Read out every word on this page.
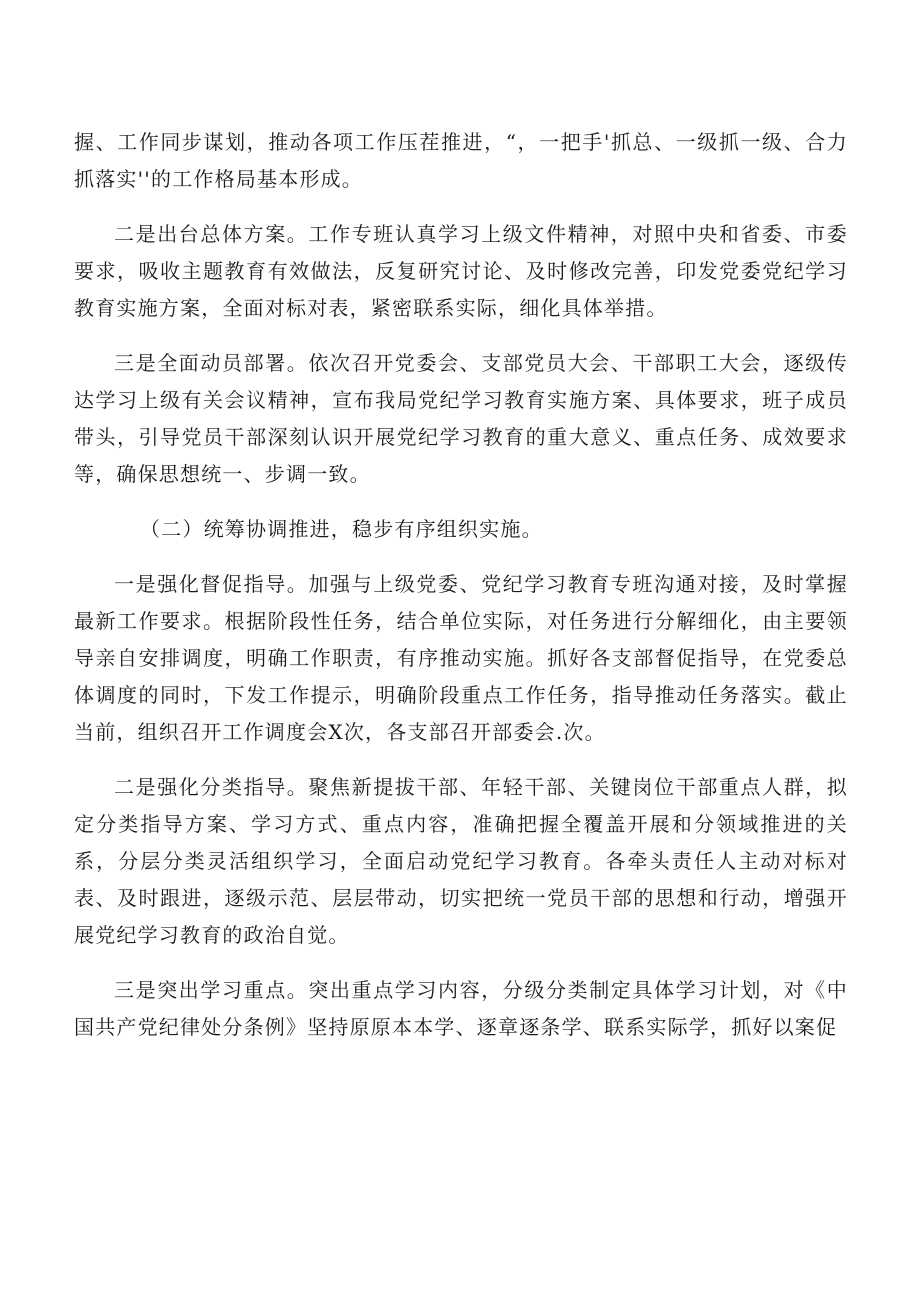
握、工作同步谋划，推动各项工作压茬推进，“，一把手'抓总、一级抓一级、合力抓落实''的工作格局基本形成。

二是出台总体方案。工作专班认真学习上级文件精神，对照中央和省委、市委要求，吸收主题教育有效做法，反复研究讨论、及时修改完善，印发党委党纪学习教育实施方案，全面对标对表，紧密联系实际，细化具体举措。

三是全面动员部署。依次召开党委会、支部党员大会、干部职工大会，逐级传达学习上级有关会议精神，宣布我局党纪学习教育实施方案、具体要求，班子成员带头，引导党员干部深刻认识开展党纪学习教育的重大意义、重点任务、成效要求等，确保思想统一、步调一致。

（二）统筹协调推进，稳步有序组织实施。

一是强化督促指导。加强与上级党委、党纪学习教育专班沟通对接，及时掌握最新工作要求。根据阶段性任务，结合单位实际，对任务进行分解细化，由主要领导亲自安排调度，明确工作职责，有序推动实施。抓好各支部督促指导，在党委总体调度的同时，下发工作提示，明确阶段重点工作任务，指导推动任务落实。截止当前，组织召开工作调度会X次，各支部召开部委会.次。

二是强化分类指导。聚焦新提拔干部、年轻干部、关键岗位干部重点人群，拟定分类指导方案、学习方式、重点内容，准确把握全覆盖开展和分领域推进的关系，分层分类灵活组织学习，全面启动党纪学习教育。各牵头责任人主动对标对表、及时跟进，逐级示范、层层带动，切实把统一党员干部的思想和行动，增强开展党纪学习教育的政治自觉。

三是突出学习重点。突出重点学习内容，分级分类制定具体学习计划，对《中国共产党纪律处分条例》坚持原原本本学、逐章逐条学、联系实际学，抓好以案促
